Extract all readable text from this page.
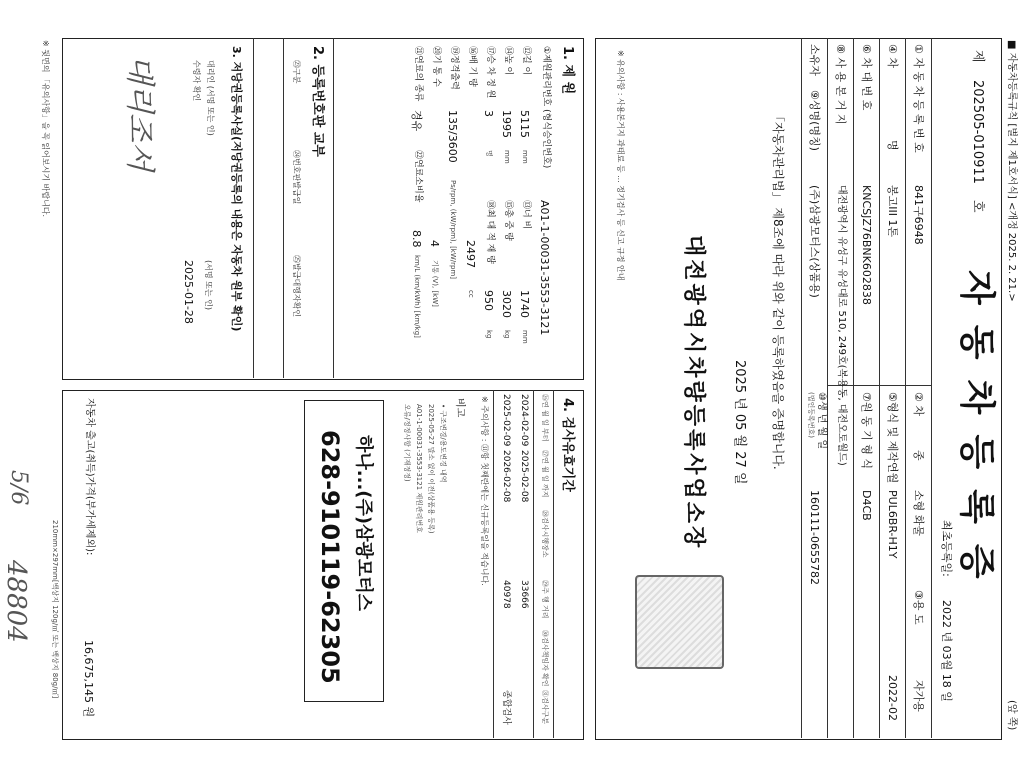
■ 자동차등록규칙 [별지 제1호서식] <개정 2025. 2. 21.>
(앞 쪽)
제
202505-010911
호
자동차등록증
최초등록일:
2022 년 03월 18 일
① 자 동 차 등 록 번 호
841구6948
② 차
종
소형 화물
③용 도
자가용
④ 차
명
봉고III 1톤
⑤형식 및 제작연월
PUL6BR-H1Y
2022-02
⑥ 차 대 번 호
KNCSJZ76BNK602838
⑦원 동 기 형 식
D4CB
⑧ 사 용 본 거 지
대전광역시 유성구 유성대로 510, 249호(복용동, 대전오토월드)
소유자
⑨성명(명칭)
(주)삼광모터스(상품용)
⑩생 년 월 일
(법인등록번호)
160111-0655782
「자동차관리법」 제8조에 따라 위와 같이 등록하였음을 증명합니다.
2025 년 05 월 27 일
대전광역시차량등록사업소장
※ 유의사항 : 사용본거지 과태료 등 ... 정기검사 등 신고 규정 안내
1. 제 원
①제원관리번호 (형식승인번호)
A01-1-00031-3553-3121
⑫길 이
5115
mm
⑬너 비
1740
mm
⑭높 이
1995
mm
⑮총 중 량
3020
kg
⑰승 차 정 원
3
명
⑱최 대 적 재 량
950
kg
⑯배 기 량
2497
cc
⑲정격출력
135/3600
Ps/rpm, (kW/rpm), [kW/rpm]
⑳기 통 수
4
기통 (V), [kW]
㉑연료의 종류
경유
㉒연료소비율
8.8
km/L (km/kWh) [km/kg]
2. 등록번호판 교부
㉓구분
㉔번호판발급일
㉕발급대행자확인
3. 저당권등록사실(저당권등록의 내용은 자동차 원부 확인)
대리인 (서명 또는 인)
수령자 확인
2025-01-28 (서명 또는 인)
대리조서
4. 검사유효기간
㉖연 월 일 부터
㉗연 월 일 까지
㉘검사시행장소
㉙주 행 거리
㉚검사책임자 확인
㉛검사구분
2024-02-09
2025-02-08
33666
2025-02-09
2026-02-08
40978
종합검사
※ 주의사항 : ㉛항 첫째란에는 신규등록일을 적습니다.
비고
• 구조변경/용도변경 내역
2025-05-27 말소 없이 이전(상품용 등록)
A01-1-00031-3553-3121 제원관리번호
오류/정정사항 (기재정정)
하나...(주)삼광모터스
628-910119-62305
자동차 출고(취득)가격(부가세제외):
16,675,145 원
48804
5/6
※ 뒷면의 「유의사항」을 꼭 읽어보시기 바랍니다.
210mm×297mm[백상지 120g/㎡ 또는 백상지 80g/㎡]
